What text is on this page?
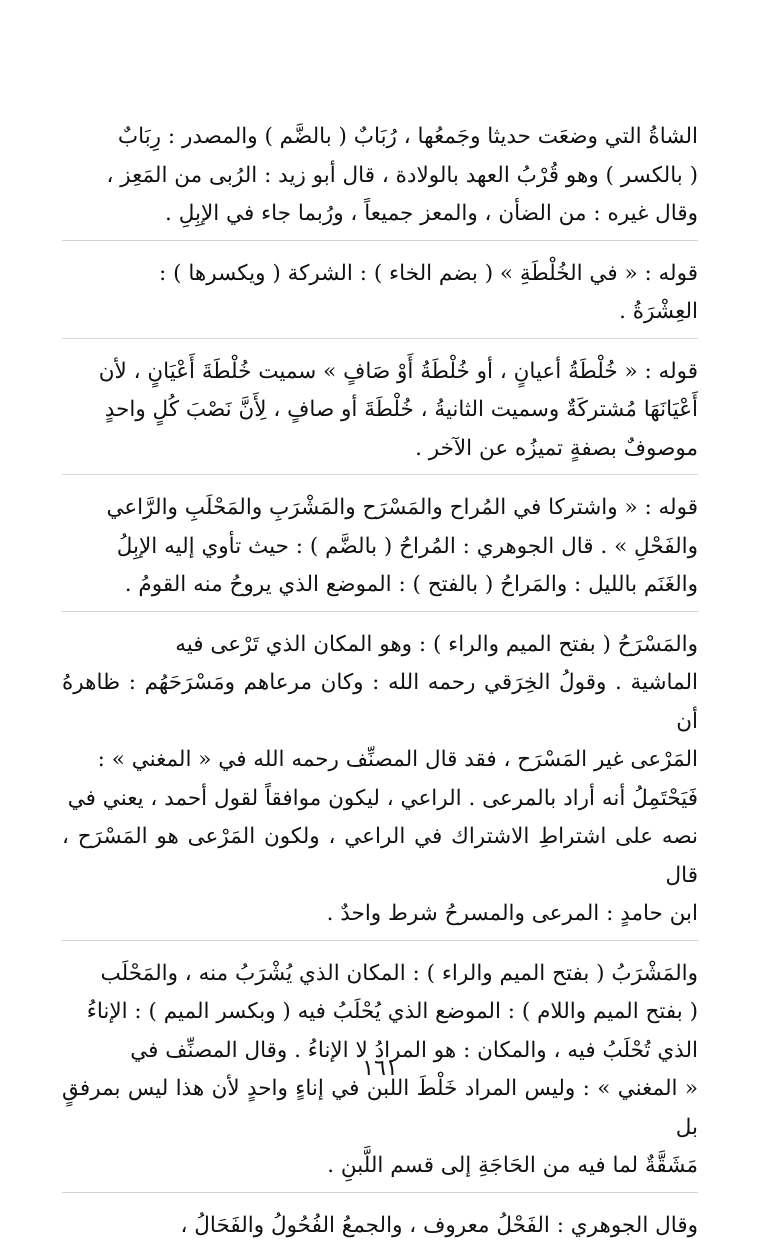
الشاةُ التي وضعَت حديثا وجَمعُها ، رُبَابٌ ( بالضَّم ) والمصدر : رِبَابٌ
( بالكسر ) وهو قُرْبُ العهد بالولادة ، قال أبو زيد : الرُبى من المَعِز ،
وقال غيره : من الضأن ، والمعز جميعاً ، ورُبما جاء في الإبِلِ .
قوله : « في الخُلْطَةِ » ( بضم الخاء ) : الشركة ( ويكسرها ) :
العِشْرَةُ .
قوله : « خُلْطَةُ أعيانٍ ، أو خُلْطَةُ أَوْ صَافٍ » سميت خُلْطَةَ أَعْيَانٍ ، لأن
أَعْيَانَهَا مُشتركَةٌ وسميت الثانيةُ ، خُلْطَةَ أو صافٍ ، لِأَنَّ نَصْبَ كُلٍ واحدٍ
موصوفٌ بصفةٍ تميزُه عن الآخر .
قوله : « واشتركا في المُراح والمَسْرَح والمَشْرَبِ والمَحْلَبِ والرَّاعي
والفَحْلِ » . قال الجوهري : المُراحُ ( بالضَّم ) : حيث تأوي إليه الإبِلُ
والغَنَم بالليل : والمَراحُ ( بالفتح ) : الموضع الذي يروحُ منه القومُ .
والمَسْرَحُ ( بفتح الميم والراء ) : وهو المكان الذي تَرْعى فيه
الماشية . وقولُ الخِرَقي رحمه الله : وكان مرعاهم ومَسْرَحَهُم : ظاهرهُ أن
المَرْعى غير المَسْرَح ، فقد قال المصنِّف رحمه الله في « المغني » :
فَيَحْتَمِلُ أنه أراد بالمرعى . الراعي ، ليكون موافقاً لقول أحمد ، يعني في
نصه على اشتراطِ الاشتراك في الراعي ، ولكون المَرْعى هو المَسْرَح ، قال
ابن حامدٍ : المرعى والمسرحُ شرط واحدٌ .
والمَشْرَبُ ( بفتح الميم والراء ) : المكان الذي يُشْرَبُ منه ، والمَحْلَب
( بفتح الميم واللام ) : الموضع الذي يُحْلَبُ فيه ( وبكسر الميم ) : الإناءُ
الذي تُحْلَبُ فيه ، والمكان : هو المرادُ لا الإناءُ . وقال المصنِّف في
« المغني » : وليس المراد خَلْطَ اللبن في إناءٍ واحدٍ لأن هذا ليس بمرفقٍ بل
مَشَقَّةٌ لما فيه من الحَاجَةِ إلى قسم اللَّبنِ .
وقال الجوهري : الفَحْلُ معروف ، والجمعُ الفُحُولُ والفَحَالُ ،
١٦١
